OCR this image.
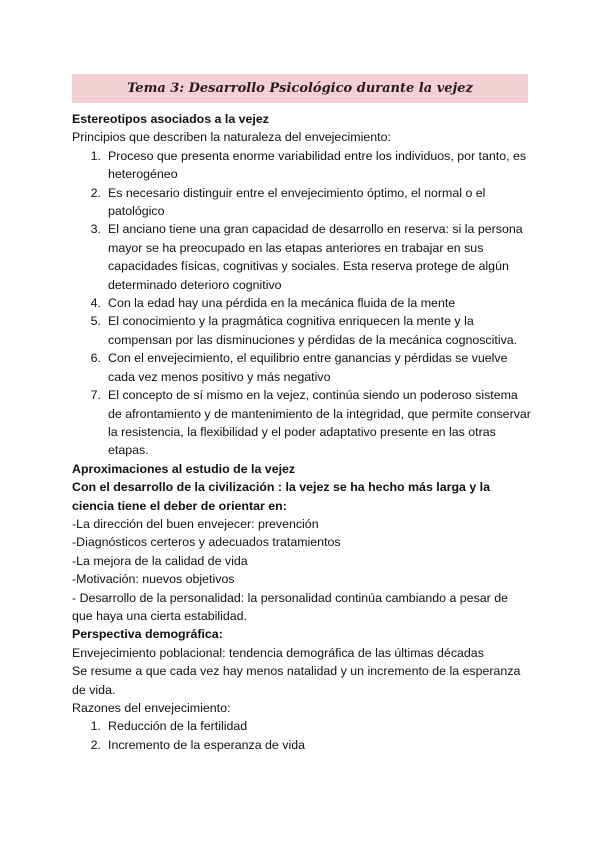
Tema 3: Desarrollo Psicológico durante la vejez

Estereotipos asociados a la vejez

Principios que describen la naturaleza del envejecimiento:

1. Proceso que presenta enorme variabilidad entre los individuos, por tanto, es heterogéneo
2. Es necesario distinguir entre el envejecimiento óptimo, el normal o el patológico
3. El anciano tiene una gran capacidad de desarrollo en reserva: si la persona mayor se ha preocupado en las etapas anteriores en trabajar en sus capacidades físicas, cognitivas y sociales. Esta reserva protege de algún determinado deterioro cognitivo
4. Con la edad hay una pérdida en la mecánica fluida de la mente
5. El conocimiento y la pragmática cognitiva enriquecen la mente y la compensan por las disminuciones y pérdidas de la mecánica cognoscitiva.
6. Con el envejecimiento, el equilibrio entre ganancias y pérdidas se vuelve cada vez menos positivo y más negativo
7. El concepto de sí mismo en la vejez, continúa siendo un poderoso sistema de afrontamiento y de mantenimiento de la integridad, que permite conservar la resistencia, la flexibilidad y el poder adaptativo presente en las otras etapas.

Aproximaciones al estudio de la vejez

Con el desarrollo de la civilización : la vejez se ha hecho más larga y la ciencia tiene el deber de orientar en:

-La dirección del buen envejecer: prevención

-Diagnósticos certeros y adecuados tratamientos

-La mejora de la calidad de vida

-Motivación: nuevos objetivos

- Desarrollo de la personalidad: la personalidad continúa cambiando a pesar de que haya una cierta estabilidad.

Perspectiva demográfica:

Envejecimiento poblacional: tendencia demográfica de las últimas décadas

Se resume a que cada vez hay menos natalidad y un incremento de la esperanza de vida.

Razones del envejecimiento:

1. Reducción de la fertilidad
2. Incremento de la esperanza de vida
